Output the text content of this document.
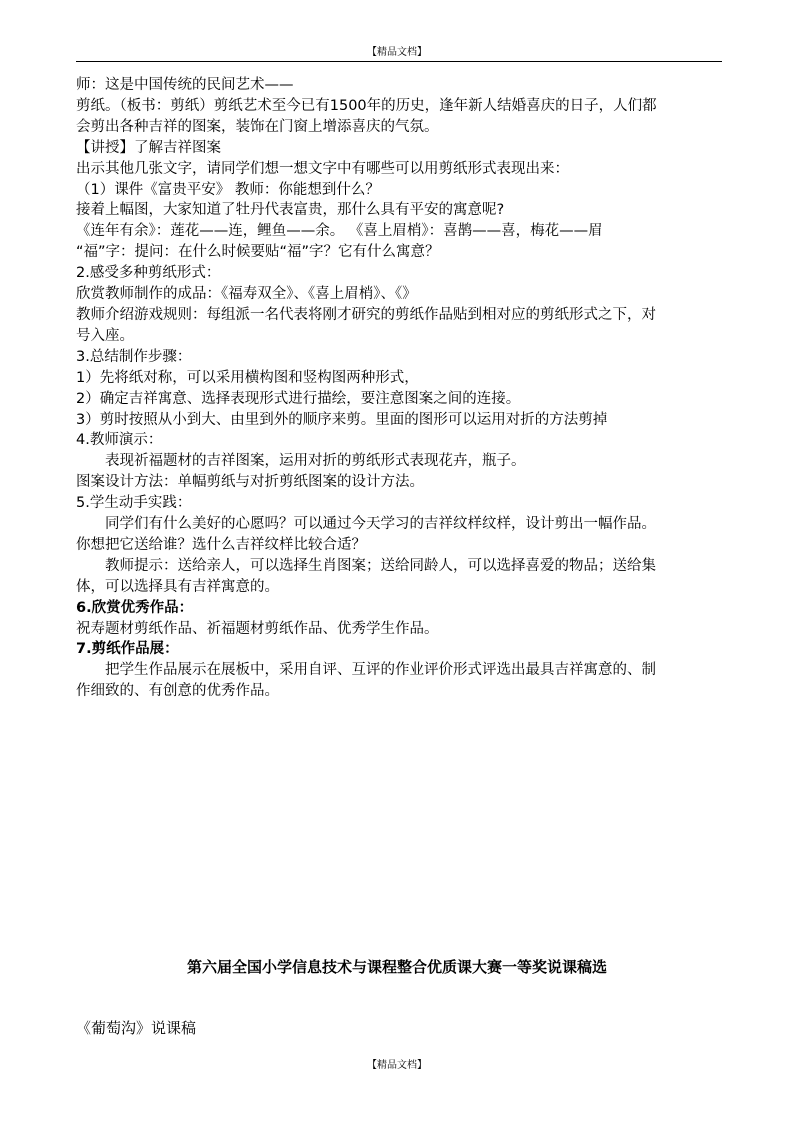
【精品文档】
师：这是中国传统的民间艺术——
剪纸。（板书：剪纸）剪纸艺术至今已有1500年的历史，逢年新人结婚喜庆的日子，人们都
会剪出各种吉祥的图案，装饰在门窗上增添喜庆的气氛。
【讲授】了解吉祥图案
出示其他几张文字，请同学们想一想文字中有哪些可以用剪纸形式表现出来：
（1）课件《富贵平安》 教师：你能想到什么？
接着上幅图，大家知道了牡丹代表富贵，那什么具有平安的寓意呢?
《连年有余》：莲花——连，鲤鱼——余。 《喜上眉梢》：喜鹊——喜，梅花——眉
“福”字：提问：在什么时候要贴“福”字？它有什么寓意？
2.感受多种剪纸形式：
欣赏教师制作的成品：《福寿双全》、《喜上眉梢》、《》
教师介绍游戏规则：每组派一名代表将刚才研究的剪纸作品贴到相对应的剪纸形式之下，对
号入座。
3.总结制作步骤：
1）先将纸对称，可以采用横构图和竖构图两种形式，
2）确定吉祥寓意、选择表现形式进行描绘，要注意图案之间的连接。
3）剪时按照从小到大、由里到外的顺序来剪。里面的图形可以运用对折的方法剪掉
4.教师演示：
表现祈福题材的吉祥图案，运用对折的剪纸形式表现花卉，瓶子。
图案设计方法：单幅剪纸与对折剪纸图案的设计方法。
5.学生动手实践：
同学们有什么美好的心愿吗？可以通过今天学习的吉祥纹样纹样，设计剪出一幅作品。
你想把它送给谁？选什么吉祥纹样比较合适？
教师提示：送给亲人，可以选择生肖图案；送给同龄人，可以选择喜爱的物品；送给集
体，可以选择具有吉祥寓意的。
6.欣赏优秀作品：
祝寿题材剪纸作品、祈福题材剪纸作品、优秀学生作品。
7.剪纸作品展：
把学生作品展示在展板中，采用自评、互评的作业评价形式评选出最具吉祥寓意的、制
作细致的、有创意的优秀作品。
第六届全国小学信息技术与课程整合优质课大赛一等奖说课稿选
《葡萄沟》说课稿
【精品文档】
